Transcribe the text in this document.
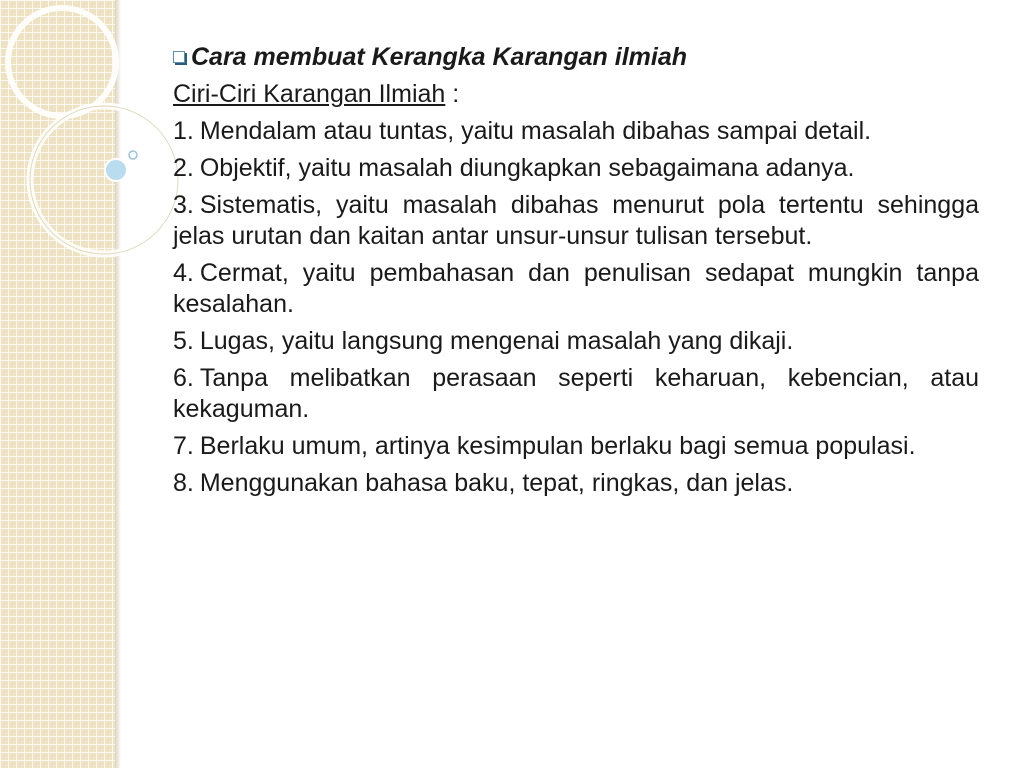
Cara membuat Kerangka Karangan ilmiah

Ciri-Ciri Karangan Ilmiah :

1. Mendalam atau tuntas, yaitu masalah dibahas sampai detail.

2. Objektif, yaitu masalah diungkapkan sebagaimana adanya.

3. Sistematis, yaitu masalah dibahas menurut pola tertentu sehingga jelas urutan dan kaitan antar unsur-unsur tulisan tersebut.

4. Cermat, yaitu pembahasan dan penulisan sedapat mungkin tanpa kesalahan.

5. Lugas, yaitu langsung mengenai masalah yang dikaji.

6. Tanpa melibatkan perasaan seperti keharuan, kebencian, atau kekaguman.

7. Berlaku umum, artinya kesimpulan berlaku bagi semua populasi.

8. Menggunakan bahasa baku, tepat, ringkas, dan jelas.
